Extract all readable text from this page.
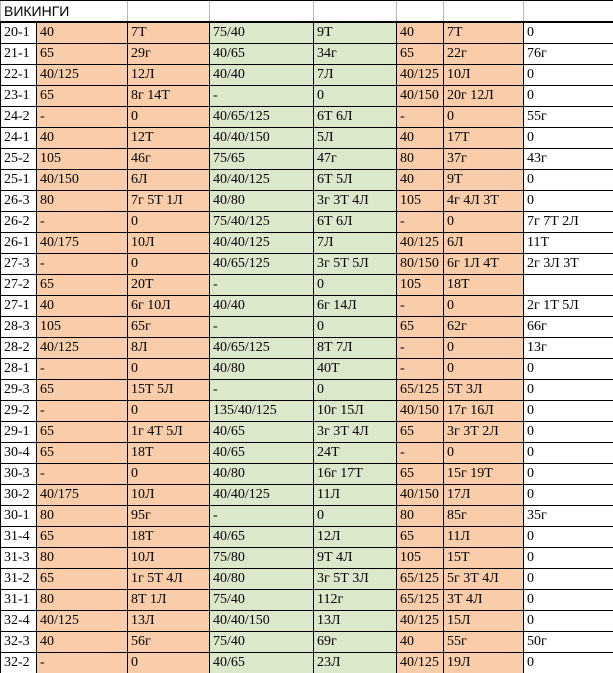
ВИКИНГИ							
20-1	40	7Т	75/40	9Т	40	7Т	0
21-1	65	29г	40/65	34г	65	22г	76г
22-1	40/125	12Л	40/40	7Л	40/125	10Л	0
23-1	65	8г 14Т	-	0	40/150	20г 12Л	0
24-2	-	0	40/65/125	6Т 6Л	-	0	55г
24-1	40	12Т	40/40/150	5Л	40	17Т	0
25-2	105	46г	75/65	47г	80	37г	43г
25-1	40/150	6Л	40/40/125	6Т 5Л	40	9Т	0
26-3	80	7г 5Т 1Л	40/80	3г 3Т 4Л	105	4г 4Л 3Т	0
26-2	-	0	75/40/125	6Т 6Л	-	0	7г 7Т 2Л
26-1	40/175	10Л	40/40/125	7Л	40/125	6Л	11Т
27-3	-	0	40/65/125	3г 5Т 5Л	80/150	6г 1Л 4Т	2г 3Л 3Т
27-2	65	20Т	-	0	105	18Т	
27-1	40	6г 10Л	40/40	6г 14Л	-	0	2г 1Т 5Л
28-3	105	65г	-	0	65	62г	66г
28-2	40/125	8Л	40/65/125	8Т 7Л	-	0	13г
28-1	-	0	40/80	40Т	-	0	0
29-3	65	15Т 5Л	-	0	65/125	5Т 3Л	0
29-2	-	0	135/40/125	10г 15Л	40/150	17г 16Л	0
29-1	65	1г 4Т 5Л	40/65	3г 3Т 4Л	65	3г 3Т 2Л	0
30-4	65	18Т	40/65	24Т	-	0	0
30-3	-	0	40/80	16г 17Т	65	15г 19Т	0
30-2	40/175	10Л	40/40/125	11Л	40/150	17Л	0
30-1	80	95г	-	0	80	85г	35г
31-4	65	18Т	40/65	12Л	65	11Л	0
31-3	80	10Л	75/80	9Т 4Л	105	15Т	0
31-2	65	1г 5Т 4Л	40/80	3г 5Т 3Л	65/125	5г 3Т 4Л	0
31-1	80	8Т 1Л	75/40	112г	65/125	3Т 4Л	0
32-4	40/125	13Л	40/40/150	13Л	40/125	15Л	0
32-3	40	56г	75/40	69г	40	55г	50г
32-2	-	0	40/65	23Л	40/125	19Л	0
